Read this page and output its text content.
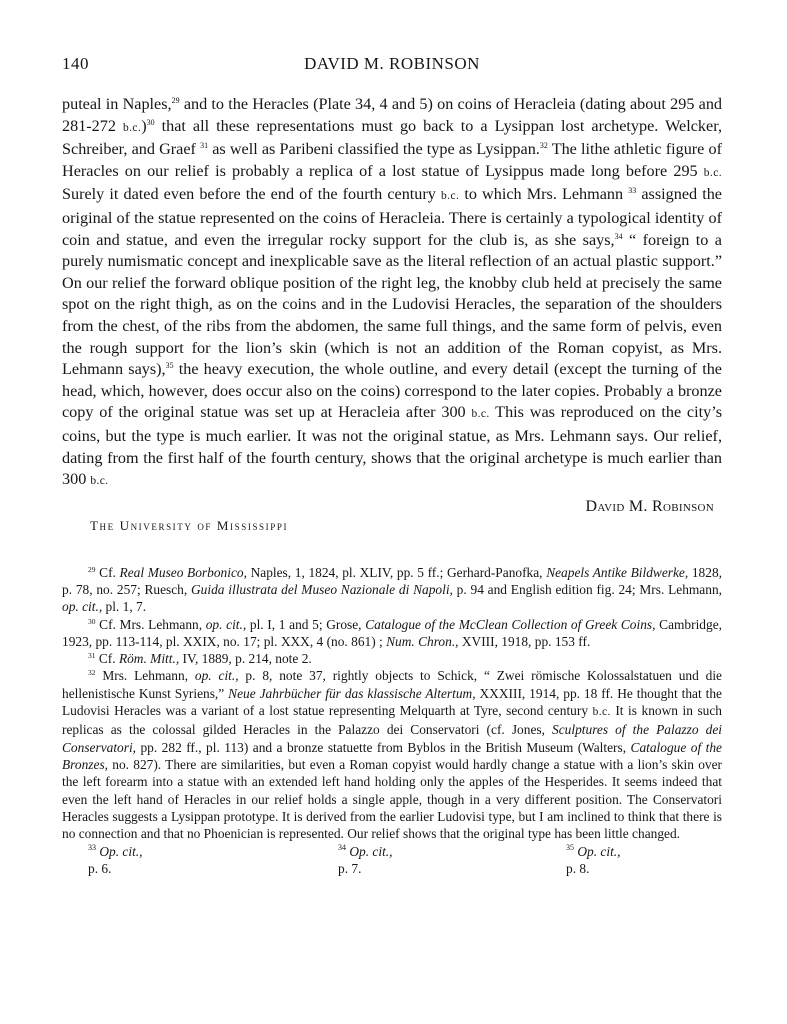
140	DAVID M. ROBINSON

puteal in Naples,$^{29}$ and to the Heracles (Plate 34, 4 and 5) on coins of Heracleia (dating about 295 and 281-272 b.c.)$^{30}$ that all these representations must go back to a Lysippan lost archetype. Welcker, Schreiber, and Graef $^{31}$ as well as Paribeni classified the type as Lysippan.$^{32}$ The lithe athletic figure of Heracles on our relief is probably a replica of a lost statue of Lysippus made long before 295 b.c. Surely it dated even before the end of the fourth century b.c. to which Mrs. Lehmann $^{33}$ assigned the original of the statue represented on the coins of Heracleia. There is certainly a typological identity of coin and statue, and even the irregular rocky support for the club is, as she says,$^{34}$ “ foreign to a purely numismatic concept and inexplicable save as the literal reflection of an actual plastic support.” On our relief the forward oblique position of the right leg, the knobby club held at precisely the same spot on the right thigh, as on the coins and in the Ludovisi Heracles, the separation of the shoulders from the chest, of the ribs from the abdomen, the same full things, and the same form of pelvis, even the rough support for the lion’s skin (which is not an addition of the Roman copyist, as Mrs. Lehmann says),$^{35}$ the heavy execution, the whole outline, and every detail (except the turning of the head, which, however, does occur also on the coins) correspond to the later copies. Probably a bronze copy of the original statue was set up at Heracleia after 300 b.c. This was reproduced on the city’s coins, but the type is much earlier. It was not the original statue, as Mrs. Lehmann says. Our relief, dating from the first half of the fourth century, shows that the original archetype is much earlier than 300 b.c.

David M. Robinson
The University of Mississippi

$^{29}$ Cf. Real Museo Borbonico, Naples, 1, 1824, pl. XLIV, pp. 5 ff.; Gerhard-Panofka, Neapels Antike Bildwerke, 1828, p. 78, no. 257; Ruesch, Guida illustrata del Museo Nazionale di Napoli, p. 94 and English edition fig. 24; Mrs. Lehmann, op. cit., pl. 1, 7.

$^{30}$ Cf. Mrs. Lehmann, op. cit., pl. I, 1 and 5; Grose, Catalogue of the McClean Collection of Greek Coins, Cambridge, 1923, pp. 113-114, pl. XXIX, no. 17; pl. XXX, 4 (no. 861) ; Num. Chron., XVIII, 1918, pp. 153 ff.

$^{31}$ Cf. Röm. Mitt., IV, 1889, p. 214, note 2.

$^{32}$ Mrs. Lehmann, op. cit., p. 8, note 37, rightly objects to Schick, “ Zwei römische Kolossalstatuen und die hellenistische Kunst Syriens,” Neue Jahrbücher für das klassische Altertum, XXXIII, 1914, pp. 18 ff. He thought that the Ludovisi Heracles was a variant of a lost statue representing Melquarth at Tyre, second century b.c. It is known in such replicas as the colossal gilded Heracles in the Palazzo dei Conservatori (cf. Jones, Sculptures of the Palazzo dei Conservatori, pp. 282 ff., pl. 113) and a bronze statuette from Byblos in the British Museum (Walters, Catalogue of the Bronzes, no. 827). There are similarities, but even a Roman copyist would hardly change a statue with a lion’s skin over the left forearm into a statue with an extended left hand holding only the apples of the Hesperides. It seems indeed that even the left hand of Heracles in our relief holds a single apple, though in a very different position. The Conservatori Heracles suggests a Lysippan prototype. It is derived from the earlier Ludovisi type, but I am inclined to think that there is no connection and that no Phoenician is represented. Our relief shows that the original type has been little changed.

$^{33}$ Op. cit.,
p. 6.
$^{34}$ Op. cit.,
p. 7.
$^{35}$ Op. cit.,
p. 8.
